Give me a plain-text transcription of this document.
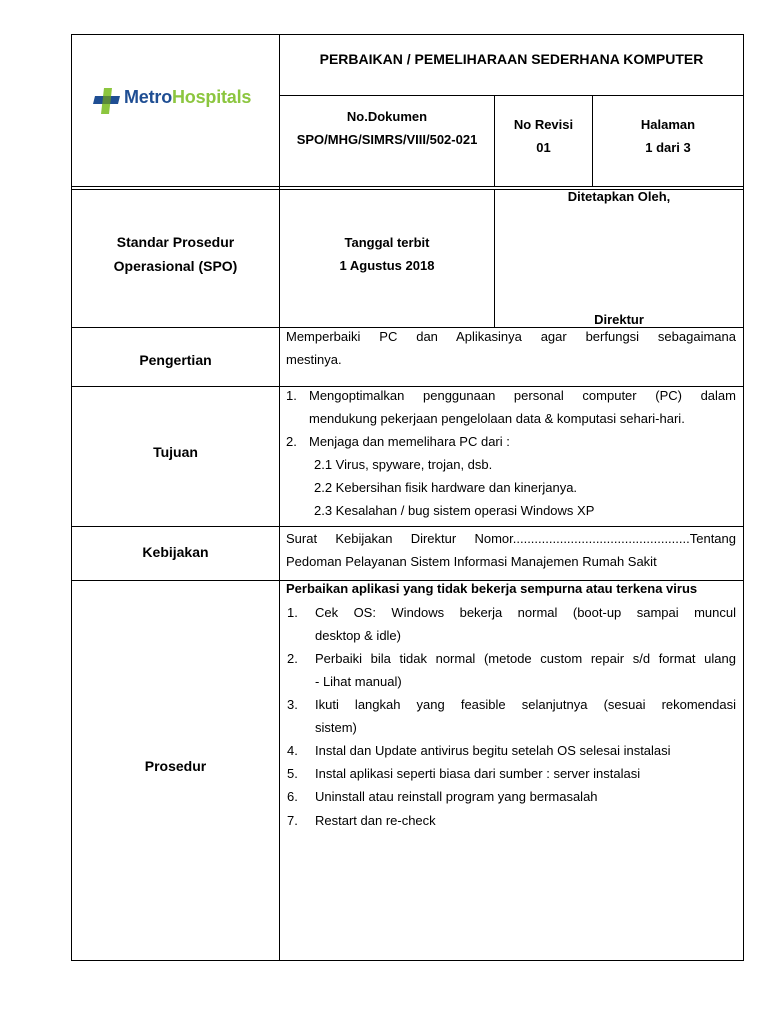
MetroHospitals
PERBAIKAN / PEMELIHARAAN SEDERHANA KOMPUTER
No.Dokumen
SPO/MHG/SIMRS/VIII/502-021
No Revisi
01
Halaman
1 dari 3
Standar Prosedur
Operasional (SPO)
Tanggal terbit
1 Agustus 2018
Ditetapkan Oleh,
Direktur
Pengertian
Memperbaiki PC dan Aplikasinya agar berfungsi sebagaimana
mestinya.
Tujuan
1. Mengoptimalkan penggunaan personal computer (PC) dalam
mendukung pekerjaan pengelolaan data & komputasi sehari-hari.
2. Menjaga dan memelihara PC dari :
2.1 Virus, spyware, trojan, dsb.
2.2 Kebersihan fisik hardware dan kinerjanya.
2.3 Kesalahan / bug sistem operasi Windows XP
Kebijakan
Surat Kebijakan Direktur Nomor.................................................Tentang
Pedoman Pelayanan Sistem Informasi Manajemen Rumah Sakit
Prosedur
Perbaikan aplikasi yang tidak bekerja sempurna atau terkena virus
1. Cek OS: Windows bekerja normal (boot-up sampai muncul
desktop & idle)
2. Perbaiki bila tidak normal (metode custom repair s/d format ulang
- Lihat manual)
3. Ikuti langkah yang feasible selanjutnya (sesuai rekomendasi
sistem)
4. Instal dan Update antivirus begitu setelah OS selesai instalasi
5. Instal aplikasi seperti biasa dari sumber : server instalasi
6. Uninstall atau reinstall program yang bermasalah
7. Restart dan re-check
